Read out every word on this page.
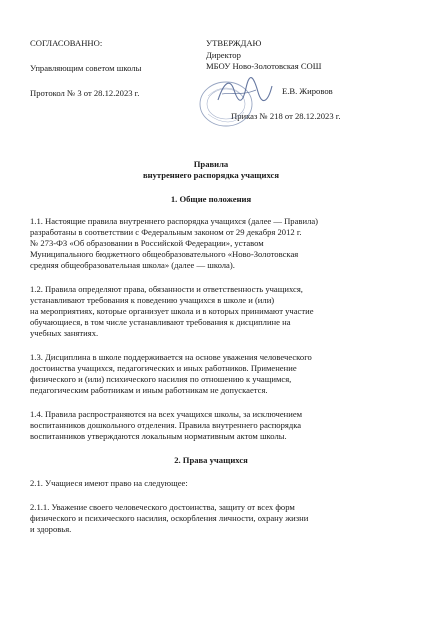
СОГЛАСОВАННО:
Управляющим советом школы
Протокол № 3 от 28.12.2023 г.
УТВЕРЖДАЮ
Директор
МБОУ Ново-Золотовская СОШ
Е.В. Жировов
Приказ № 218 от 28.12.2023 г.
Правила
внутреннего распорядка учащихся
1. Общие положения
1.1. Настоящие правила внутреннего распорядка учащихся (далее — Правила)
разработаны в соответствии с Федеральным законом от 29 декабря 2012 г.
№ 273-ФЗ «Об образовании в Российской Федерации», уставом
Муниципального бюджетного общеобразовательного «Ново-Золотовская
средняя общеобразовательная школа» (далее — школа).
1.2. Правила определяют права, обязанности и ответственность учащихся,
устанавливают требования к поведению учащихся в школе и (или)
на мероприятиях, которые организует школа и в которых принимают участие
обучающиеся, в том числе устанавливают требования к дисциплине на
учебных занятиях.
1.3. Дисциплина в школе поддерживается на основе уважения человеческого
достоинства учащихся, педагогических и иных работников. Применение
физического и (или) психического насилия по отношению к учащимся,
педагогическим работникам и иным работникам не допускается.
1.4. Правила распространяются на всех учащихся школы, за исключением
воспитанников дошкольного отделения. Правила внутреннего распорядка
воспитанников утверждаются локальным нормативным актом школы.
2. Права учащихся
2.1. Учащиеся имеют право на следующее:
2.1.1. Уважение своего человеческого достоинства, защиту от всех форм
физического и психического насилия, оскорбления личности, охрану жизни
и здоровья.
